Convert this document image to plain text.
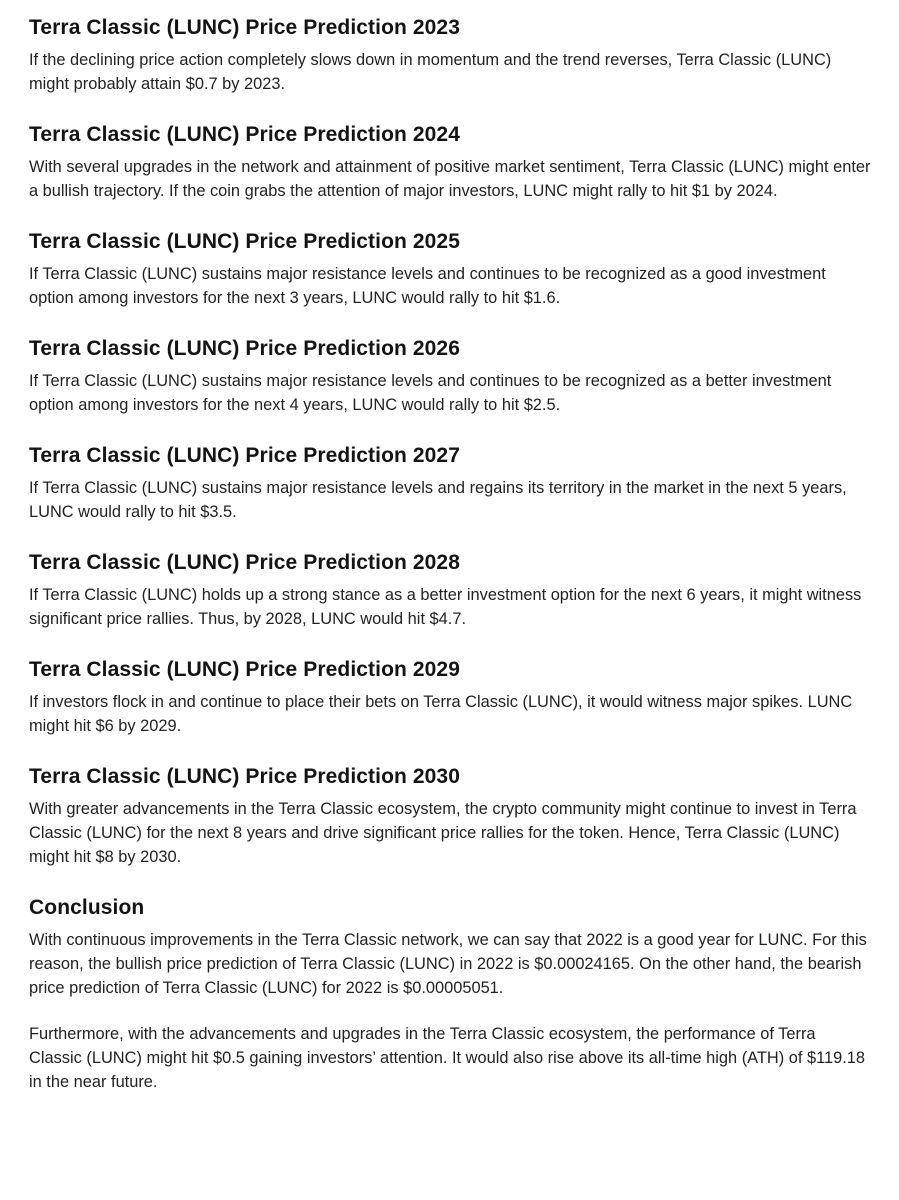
Terra Classic (LUNC) Price Prediction 2023

If the declining price action completely slows down in momentum and the trend reverses, Terra Classic (LUNC) might probably attain $0.7 by 2023.

Terra Classic (LUNC) Price Prediction 2024

With several upgrades in the network and attainment of positive market sentiment, Terra Classic (LUNC) might enter a bullish trajectory. If the coin grabs the attention of major investors, LUNC might rally to hit $1 by 2024.

Terra Classic (LUNC) Price Prediction 2025

If Terra Classic (LUNC) sustains major resistance levels and continues to be recognized as a good investment option among investors for the next 3 years, LUNC would rally to hit $1.6.

Terra Classic (LUNC) Price Prediction 2026

If Terra Classic (LUNC) sustains major resistance levels and continues to be recognized as a better investment option among investors for the next 4 years, LUNC would rally to hit $2.5.

Terra Classic (LUNC) Price Prediction 2027

If Terra Classic (LUNC) sustains major resistance levels and regains its territory in the market in the next 5 years, LUNC would rally to hit $3.5.

Terra Classic (LUNC) Price Prediction 2028

If Terra Classic (LUNC) holds up a strong stance as a better investment option for the next 6 years, it might witness significant price rallies. Thus, by 2028, LUNC would hit $4.7.

Terra Classic (LUNC) Price Prediction 2029

If investors flock in and continue to place their bets on Terra Classic (LUNC), it would witness major spikes. LUNC might hit $6 by 2029.

Terra Classic (LUNC) Price Prediction 2030

With greater advancements in the Terra Classic ecosystem, the crypto community might continue to invest in Terra Classic (LUNC) for the next 8 years and drive significant price rallies for the token. Hence, Terra Classic (LUNC) might hit $8 by 2030.

Conclusion

With continuous improvements in the Terra Classic network, we can say that 2022 is a good year for LUNC. For this reason, the bullish price prediction of Terra Classic (LUNC) in 2022 is $0.00024165. On the other hand, the bearish price prediction of Terra Classic (LUNC) for 2022 is $0.00005051.

Furthermore, with the advancements and upgrades in the Terra Classic ecosystem, the performance of Terra Classic (LUNC) might hit $0.5 gaining investors’ attention. It would also rise above its all-time high (ATH) of $119.18 in the near future.
